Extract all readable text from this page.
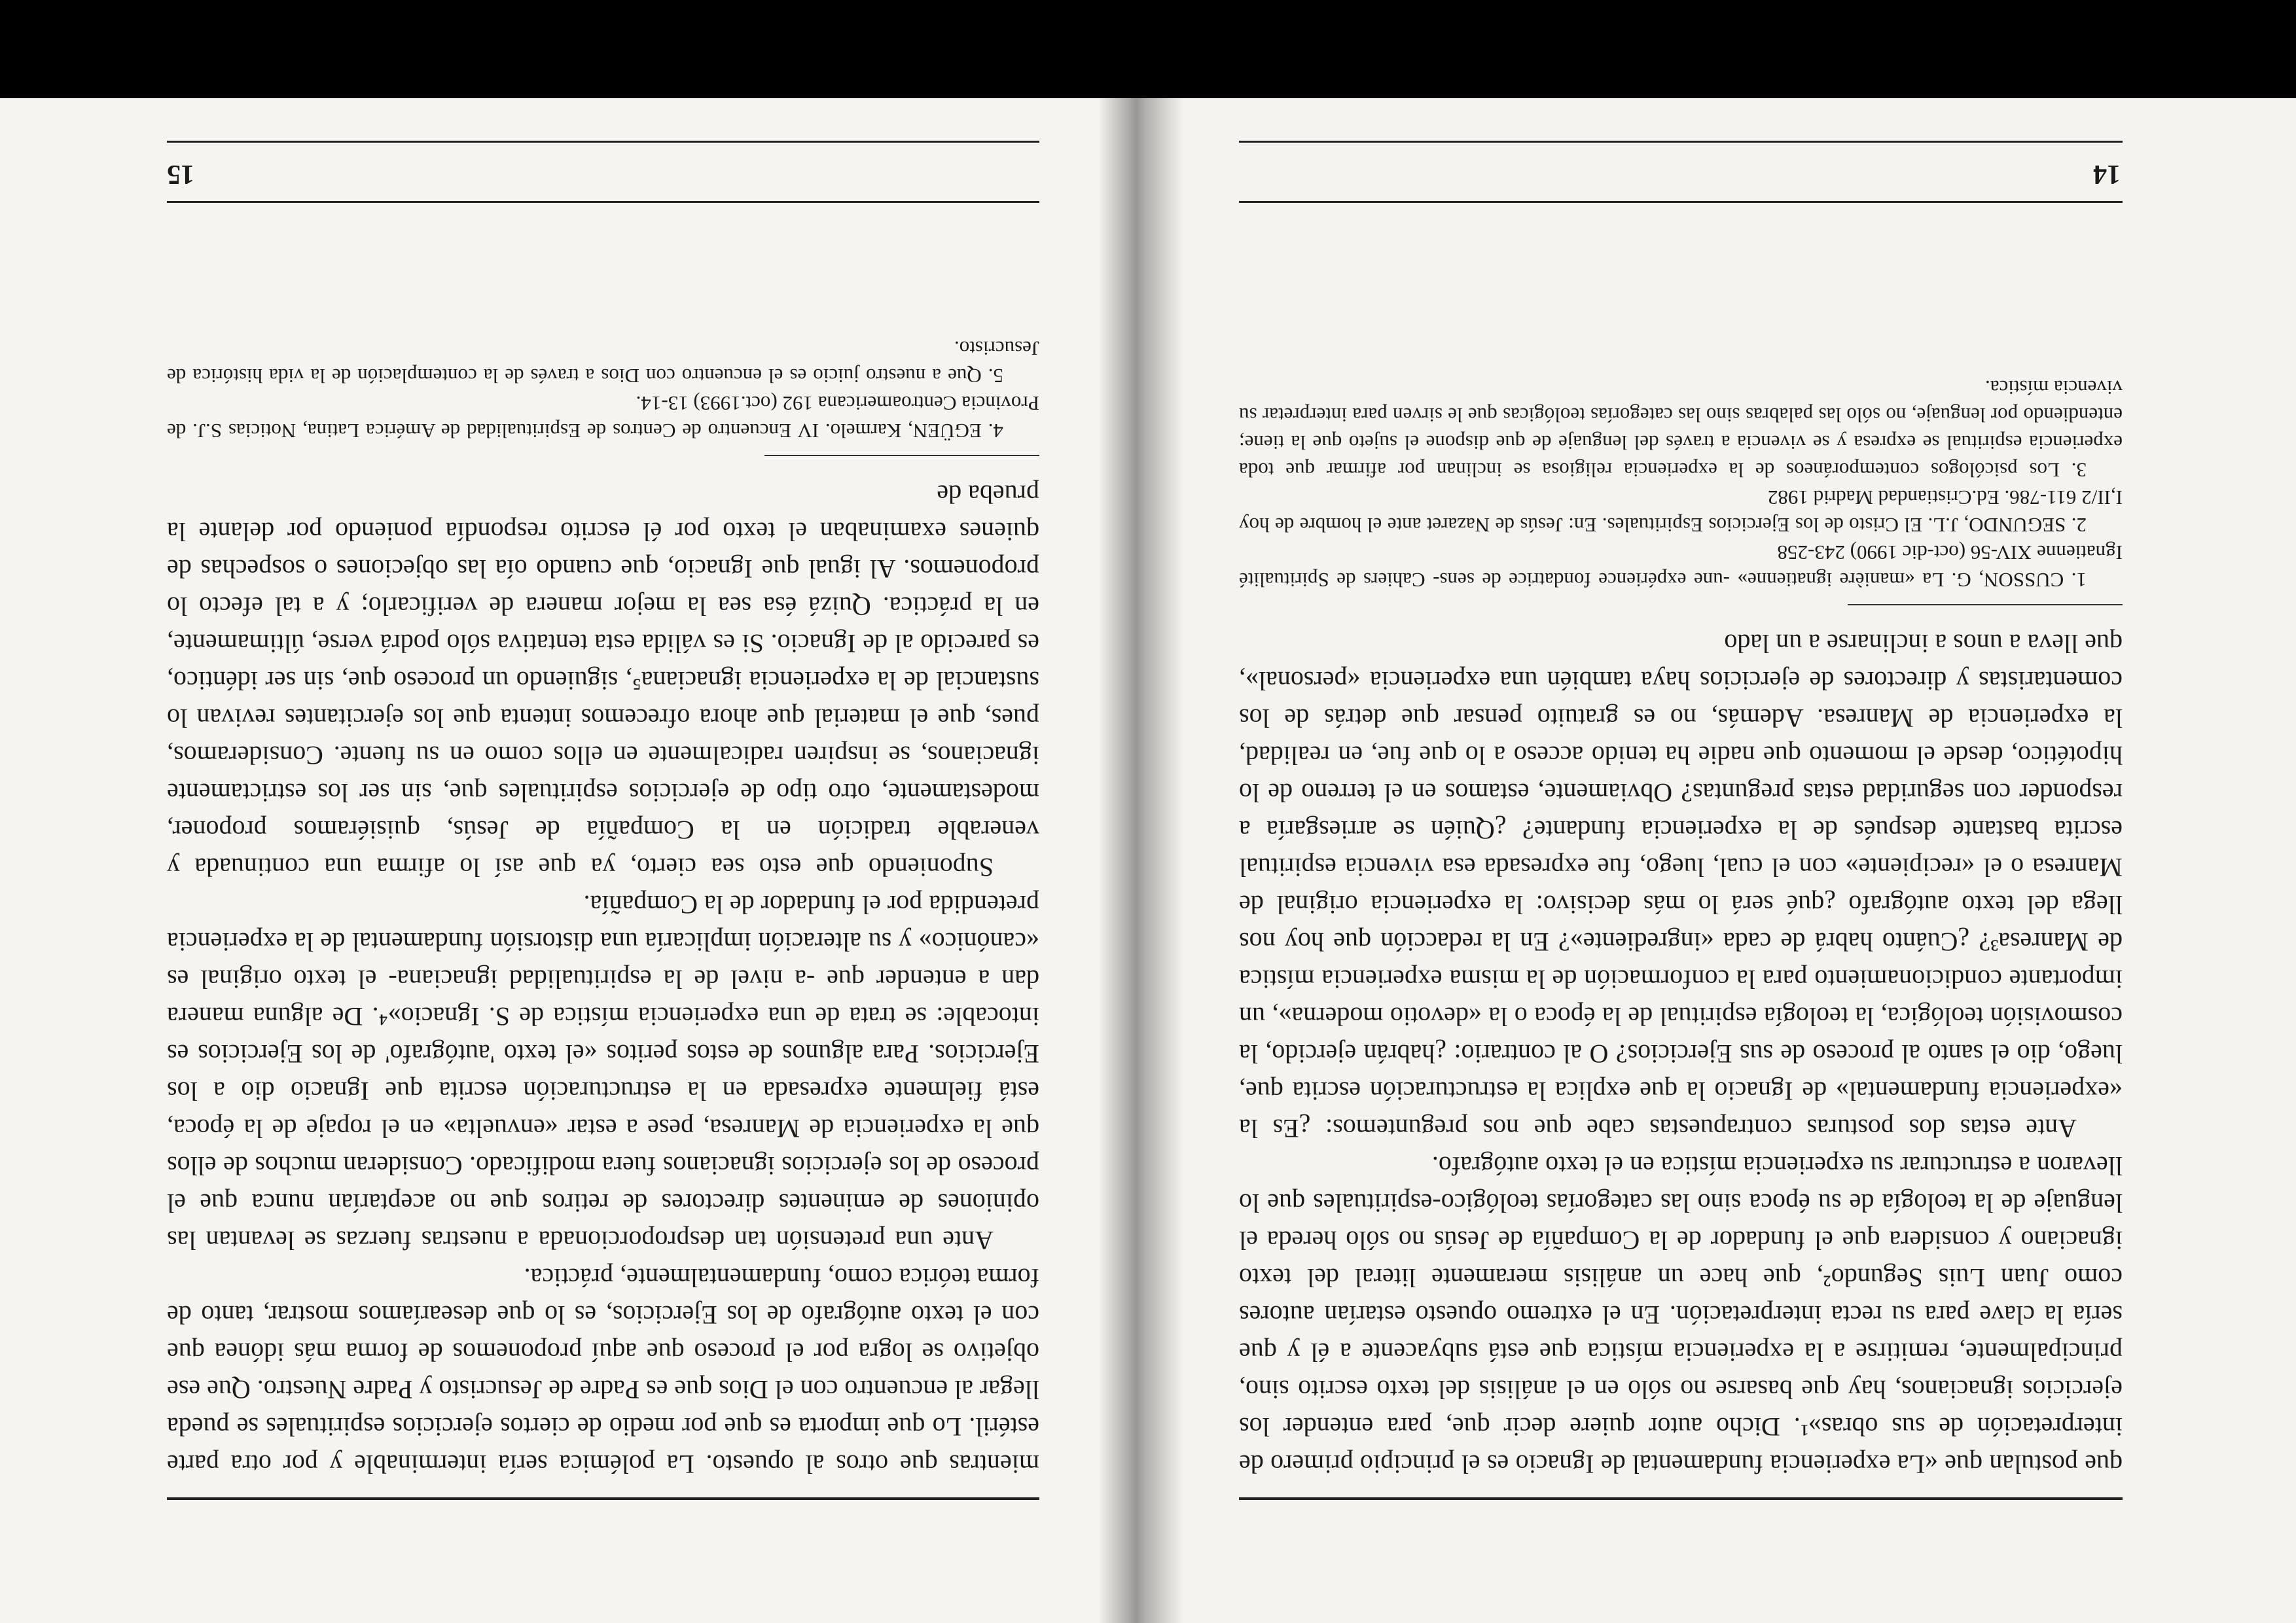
que postulan que «La experiencia fundamental de Ignacio es el principio primero de interpretación de sus obras»¹. Dicho autor quiere decir que, para entender los ejercicios ignacianos, hay que basarse no sólo en el análisis del texto escrito sino, principalmente, remitirse a la experiencia mística que está subyacente a él y que sería la clave para su recta interpretación. En el extremo opuesto estarían autores como Juan Luis Segundo², que hace un análisis meramente literal del texto ignaciano y considera que el fundador de la Compañía de Jesús no sólo hereda el lenguaje de la teología de su época sino las categorías teológico-espirituales que lo llevaron a estructurar su experiencia mística en el texto autógrafo.

Ante estas dos posturas contrapuestas cabe que nos preguntemos: ¿Es la «experiencia fundamental» de Ignacio la que explica la estructuración escrita que, luego, dio el santo al proceso de sus Ejercicios? O al contrario: ¿habrán ejercido, la cosmovisión teológica, la teología espiritual de la época o la «devotio moderna», un importante condicionamiento para la conformación de la misma experiencia mística de Manresa³? ¿Cuánto habrá de cada «ingrediente»? En la redacción que hoy nos llega del texto autógrafo ¿qué será lo más decisivo: la experiencia original de Manresa o el «recipiente» con el cual, luego, fue expresada esa vivencia espiritual escrita bastante después de la experiencia fundante? ¿Quién se arriesgaría a responder con seguridad estas preguntas? Obviamente, estamos en el terreno de lo hipotético, desde el momento que nadie ha tenido acceso a lo que fue, en realidad, la experiencia de Manresa. Además, no es gratuito pensar que detrás de los comentaristas y directores de ejercicios haya también una experiencia «personal», que lleva a unos a inclinarse a un lado

1. CUSSON, G. La «manière ignatienne» -une expérience fondatrice de sens- Cahiers de Spiritualité Ignatienne XIV-56 (oct-dic 1990) 243-258

2. SEGUNDO, J.L. El Cristo de los Ejercicios Espirituales. En: Jesús de Nazaret ante el hombre de hoy I,II/2 611-786. Ed.Cristiandad Madrid 1982

3. Los psicólogos contemporáneos de la experiencia religiosa se inclinan por afirmar que toda experiencia espiritual se expresa y se vivencia a través del lenguaje de que dispone el sujeto que la tiene; entendiendo por lenguaje, no sólo las palabras sino las categorías teológicas que le sirven para interpretar su vivencia mística.

14

mientras que otros al opuesto. La polémica sería interminable y por otra parte estéril. Lo que importa es que por medio de ciertos ejercicios espirituales se pueda llegar al encuentro con el Dios que es Padre de Jesucristo y Padre Nuestro. Que ese objetivo se logra por el proceso que aquí proponemos de forma más idónea que con el texto autógrafo de los Ejercicios, es lo que desearíamos mostrar, tanto de forma teórica como, fundamentalmente, práctica.

Ante una pretensión tan desproporcionada a nuestras fuerzas se levantan las opiniones de eminentes directores de retiros que no aceptarían nunca que el proceso de los ejercicios ignacianos fuera modificado. Consideran muchos de ellos que la experiencia de Manresa, pese a estar «envuelta» en el ropaje de la época, está fielmente expresada en la estructuración escrita que Ignacio dio a los Ejercicios. Para algunos de estos peritos «el texto 'autógrafo' de los Ejercicios es intocable: se trata de una experiencia mística de S. Ignacio»⁴. De alguna manera dan a entender que -a nivel de la espiritualidad ignaciana- el texto original es «canónico» y su alteración implicaría una distorsión fundamental de la experiencia pretendida por el fundador de la Compañía.

Suponiendo que esto sea cierto, ya que así lo afirma una continuada y venerable tradición en la Compañía de Jesús, quisiéramos proponer, modestamente, otro tipo de ejercicios espirituales que, sin ser los estrictamente ignacianos, se inspiren radicalmente en ellos como en su fuente. Consideramos, pues, que el material que ahora ofrecemos intenta que los ejercitantes revivan lo sustancial de la experiencia ignaciana⁵, siguiendo un proceso que, sin ser idéntico, es parecido al de Ignacio. Si es válida esta tentativa sólo podrá verse, últimamente, en la práctica. Quizá ésa sea la mejor manera de verificarlo; y a tal efecto lo proponemos. Al igual que Ignacio, que cuando oía las objeciones o sospechas de quienes examinaban el texto por él escrito respondía poniendo por delante la prueba de

4. EGÜEN, Karmelo. IV Encuentro de Centros de Espiritualidad de América Latina, Noticias S.J. de Provincia Centroamericana 192 (oct.1993) 13-14.

5. Que a nuestro juicio es el encuentro con Dios a través de la contemplación de la vida histórica de Jesucristo.

15
